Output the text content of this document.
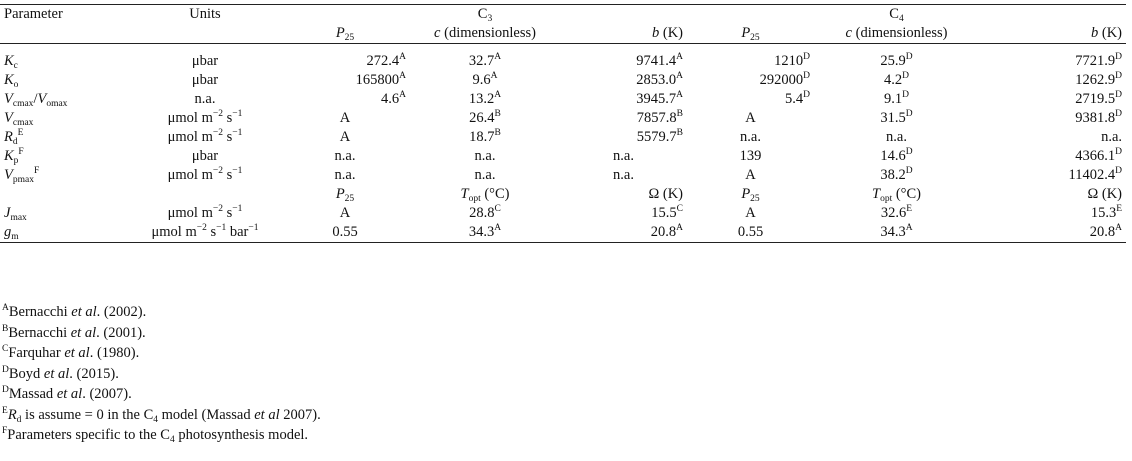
Parameter	Units		$C_3$			$C_4$	
		$P_{25}$	c (dimensionless)	b (K)	$P_{25}$	c (dimensionless)	b (K)

$K_c$	μbar	$272.4^A$	$32.7^A$	$9741.4^A$	$1210^D$	$25.9^D$	$7721.9^D$
$K_o$	μbar	$165800^A$	$9.6^A$	$2853.0^A$	$292000^D$	$4.2^D$	$1262.9^D$
$V_{cmax}/V_{omax}$	n.a.	$4.6^A$	$13.2^A$	$3945.7^A$	$5.4^D$	$9.1^D$	$2719.5^D$
$V_{cmax}$	μmol $m^{-2}$ $s^{-1}$	A	$26.4^B$	$7857.8^B$	A	$31.5^D$	$9381.8^D$
$R_d^E$	μmol $m^{-2}$ $s^{-1}$	A	$18.7^B$	$5579.7^B$	n.a.	n.a.	n.a.
$K_p^F$	μbar	n.a.	n.a.	n.a.	139	$14.6^D$	$4366.1^D$
$V_{pmax}^F$	μmol $m^{-2}$ $s^{-1}$	n.a.	n.a.	n.a.	A	$38.2^D$	$11402.4^D$
		$P_{25}$	$T_{opt}$ (°C)	Ω (K)	$P_{25}$	$T_{opt}$ (°C)	Ω (K)
$J_{max}$	μmol $m^{-2}$ $s^{-1}$	A	$28.8^C$	$15.5^C$	A	$32.6^E$	$15.3^E$
$g_m$	μmol $m^{-2}$ $s^{-1}$ bar$^{-1}$	0.55	$34.3^A$	$20.8^A$	0.55	$34.3^A$	$20.8^A$
$^A$Bernacchi et al. (2002).
$^B$Bernacchi et al. (2001).
$^C$Farquhar et al. (1980).
$^D$Boyd et al. (2015).
$^D$Massad et al. (2007).
$^ER_d$ is assume = 0 in the $C_4$ model (Massad et al 2007).
$^F$Parameters specific to the $C_4$ photosynthesis model.
